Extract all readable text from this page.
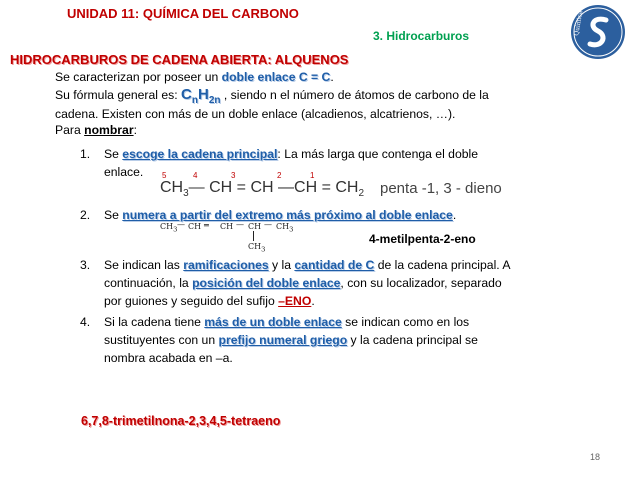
UNIDAD 11: QUÍMICA DEL CARBONO
3. Hidrocarburos	Química
HIDROCARBUROS DE CADENA ABIERTA: ALQUENOS
Se caracterizan por poseer un doble enlace C = C.
Su fórmula general es: $C_nH_{2n}$ , siendo n el número de átomos de carbono de la
cadena. Existen con más de un doble enlace (alcadienos, alcatrienos, …).
Para nombrar:
1. Se escoge la cadena principal: La más larga que contenga el doble
enlace. 5	4	3	2	1
$CH_3—$ CH = CH —CH = $CH_2$ penta -1, 3 - dieno
2. Se numera a partir del extremo más próximo al doble enlace.
$CH_3$
— CH ═ CH — CH — $CH_3$
$CH_3$
4-metilpenta-2-eno
3. Se indican las ramificaciones y la cantidad de C de la cadena principal. A
continuación, la posición del doble enlace, con su localizador, separado
por guiones y seguido del sufijo –ENO.
4. Si la cadena tiene más de un doble enlace se indican como en los
sustituyentes con un prefijo numeral griego y la cadena principal se
nombra acabada en –a.
6,7,8-trimetilnona-2,3,4,5-tetraeno
18
